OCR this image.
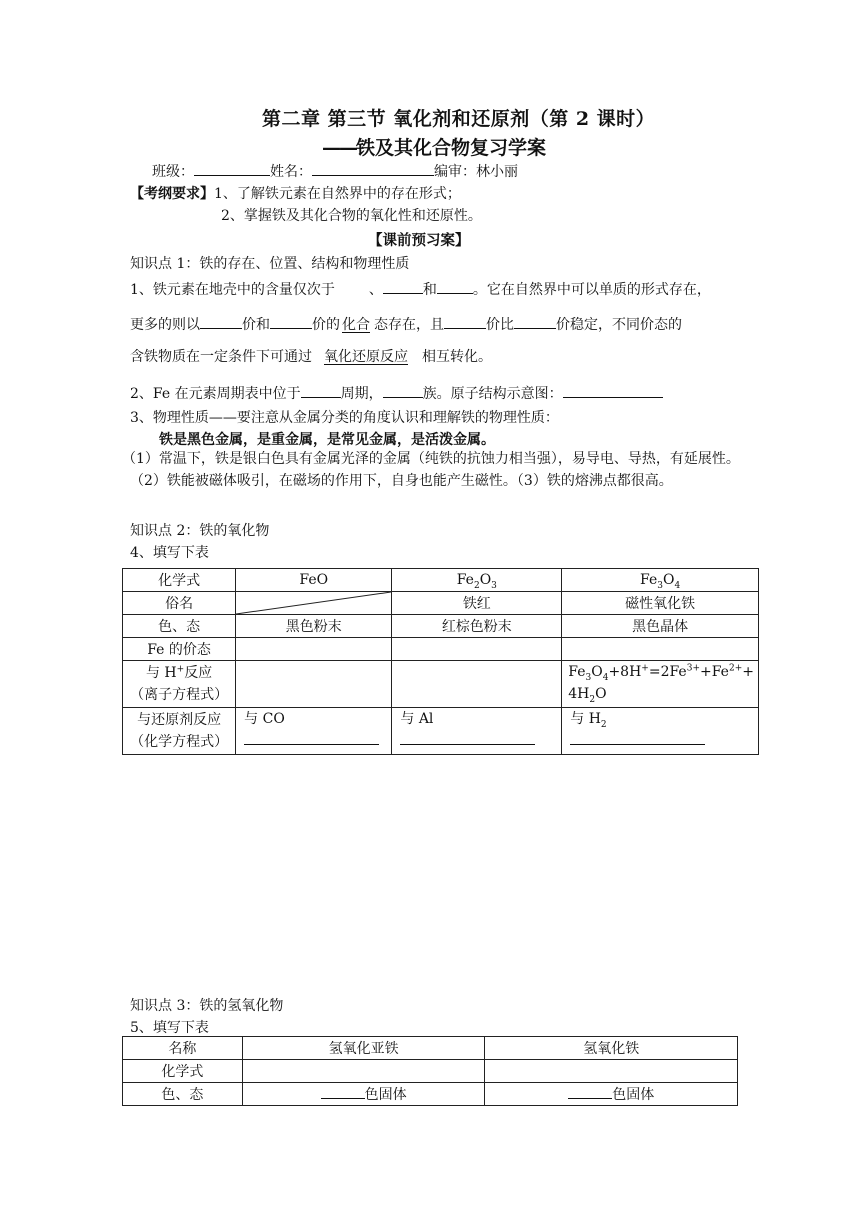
第二章 第三节 氧化剂和还原剂（第 2 课时）
——铁及其化合物复习学案
班级：	姓名：	编审：林小丽
【考纲要求】1、了解铁元素在自然界中的存在形式；
2、掌握铁及其化合物的氧化性和还原性。
【课前预习案】
知识点 1：铁的存在、位置、结构和物理性质
1、铁元素在地壳中的含量仅次于 、	和	。它在自然界中可以单质的形式存在，
更多的则以	价和	价的 化合 态存在，且	价比	价稳定，不同价态的
含铁物质在一定条件下可通过 氧化还原反应 相互转化。
2、Fe 在元素周期表中位于	周期，	族。原子结构示意图：
3、物理性质——要注意从金属分类的角度认识和理解铁的物理性质：
铁是黑色金属，是重金属，是常见金属，是活泼金属。
（1）常温下，铁是银白色具有金属光泽的金属（纯铁的抗蚀力相当强），易导电、导热，有延展性。（2）铁能被磁体吸引，在磁场的作用下，自身也能产生磁性。（3）铁的熔沸点都很高。
知识点 2：铁的氧化物
4、填写下表
化学式	FeO	$Fe_2O_3$	$Fe_3O_4$
俗名		铁红	磁性氧化铁
色、态	黑色粉末	红棕色粉末	黑色晶体
Fe 的价态			
与 H+反应
（离子方程式）			$Fe_3O_4+8H^+=2Fe^{3+}+Fe^{2+}+$
$4H_2O$
与还原剂反应
（化学方程式）	与 CO	与 Al	与 $H_2$

知识点 3：铁的氢氧化物
5、填写下表
名称	氢氧化亚铁	氢氧化铁
化学式		
色、态	色固体	色固体
